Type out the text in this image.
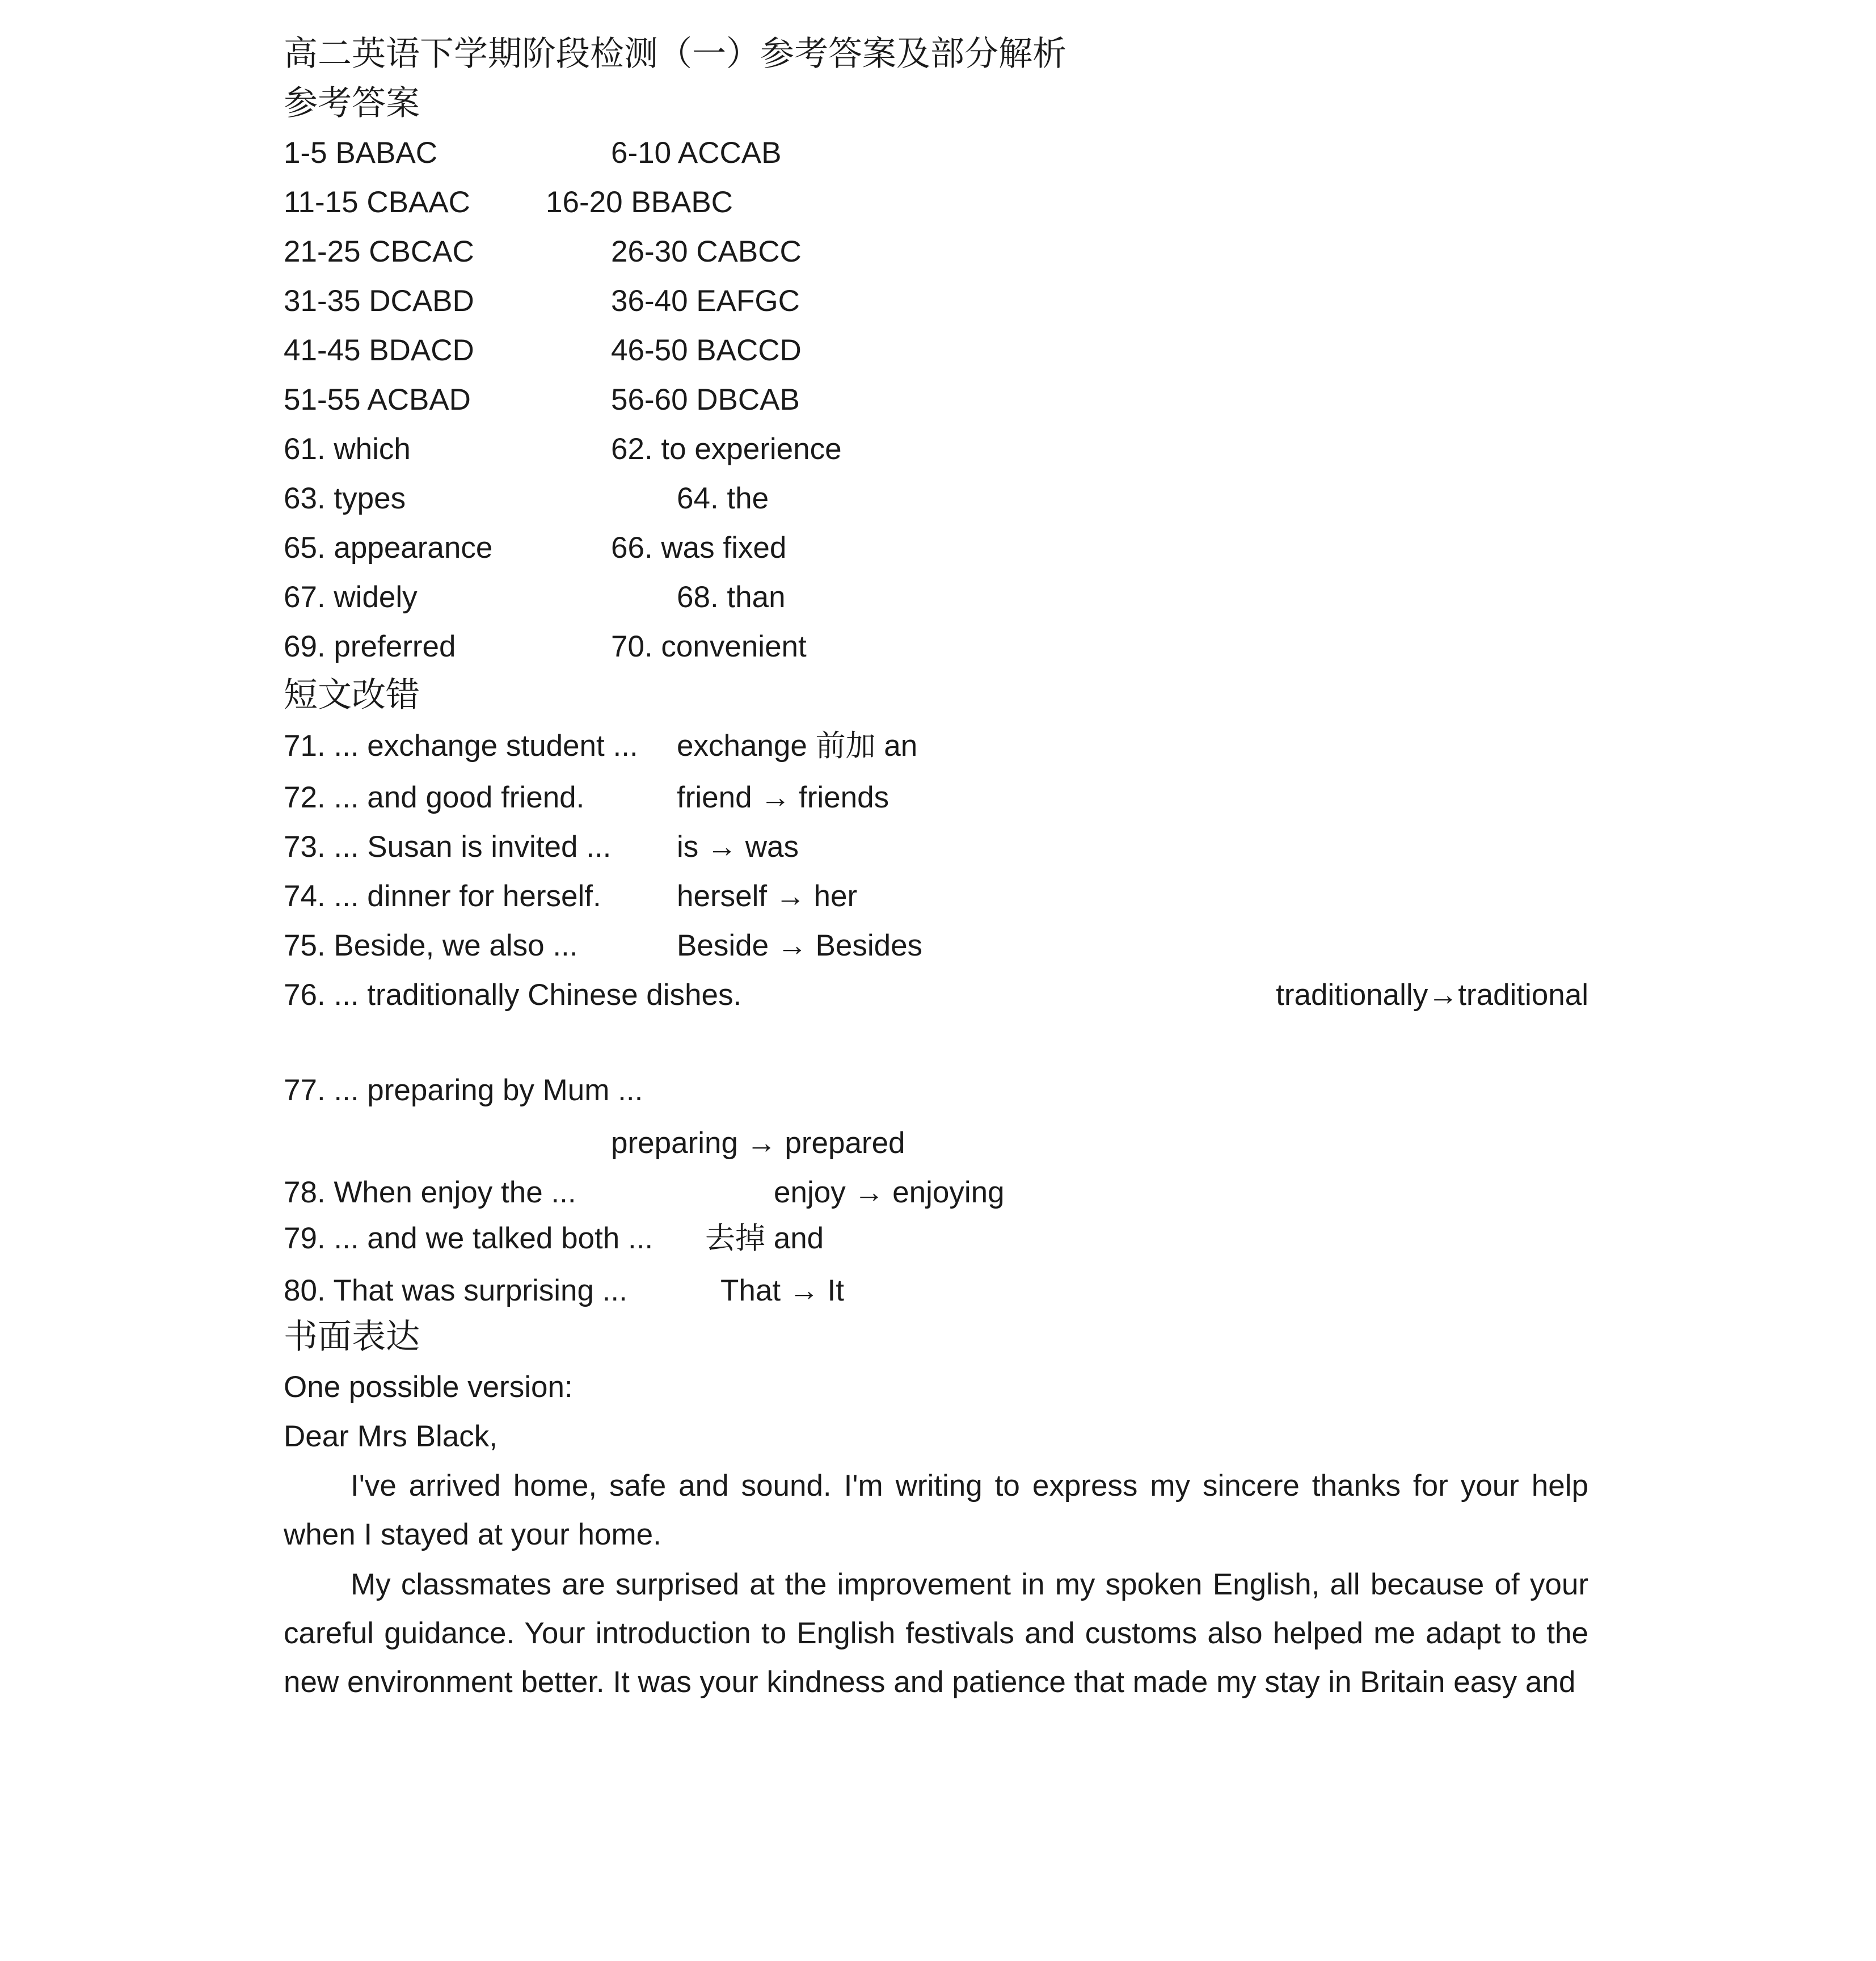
高二英语下学期阶段检测（一）参考答案及部分解析
参考答案
1-5 BABAC	6-10 ACCAB
11-15 CBAAC	16-20 BBABC
21-25 CBCAC	26-30 CABCC
31-35 DCABD	36-40 EAFGC
41-45 BDACD	46-50 BACCD
51-55 ACBAD	56-60 DBCAB
61. which	62. to experience
63. types	64. the
65. appearance	66. was fixed
67. widely	68. than
69. preferred	70. convenient
短文改错
71. ... exchange student ... exchange 前加 an
72. ... and good friend.	friend → friends
73. ... Susan is invited ... is → was
74. ... dinner for herself.	herself → her
75. Beside, we also ...	Beside → Besides
76. ... traditionally Chinese dishes.	traditionally→traditional
77. ... preparing by Mum ...
preparing → prepared
78. When enjoy the ...	enjoy → enjoying
79. ... and we talked both ... 去掉 and
80. That was surprising ...	That → It
书面表达
One possible version:
Dear Mrs Black,
I've arrived home, safe and sound. I'm writing to express my sincere thanks for your help when I stayed at your home.
My classmates are surprised at the improvement in my spoken English, all because of your careful guidance. Your introduction to English festivals and customs also helped me adapt to the new environment better. It was your kindness and patience that made my stay in Britain easy and
